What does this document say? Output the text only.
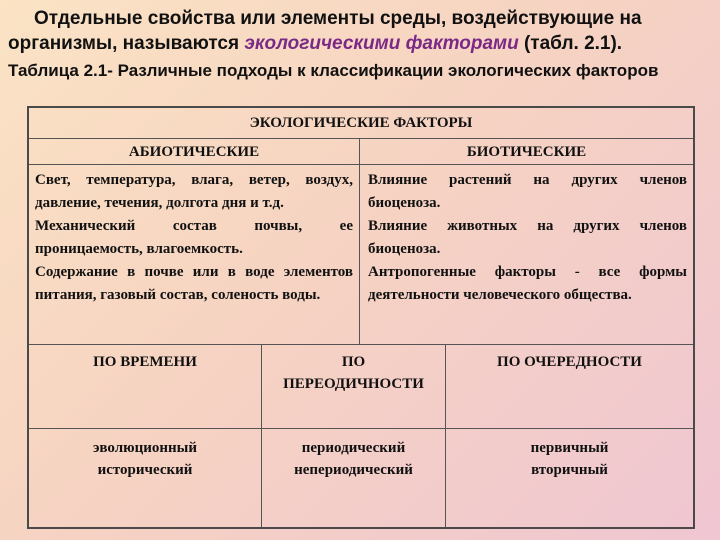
Отдельные свойства или элементы среды, воздействующие на организмы, называются экологическими факторами (табл. 2.1).

Таблица 2.1- Различные подходы к классификации экологических факторов

ЭКОЛОГИЧЕСКИЕ ФАКТОРЫ
АБИОТИЧЕСКИЕ	БИОТИЧЕСКИЕ
Свет, температура, влага, ветер, воздух, давление, течения, долгота дня и т.д.
Механический состав почвы, ее проницаемость, влагоемкость.
Содержание в почве или в воде элементов питания, газовый состав, соленость воды.
Влияние растений на других членов биоценоза.
Влияние животных на других членов биоценоза.
Антропогенные факторы - все формы деятельности человеческого общества.
ПО ВРЕМЕНИ	ПО ПЕРЕОДИЧНОСТИ
ПО ОЧЕРЕДНОСТИ
эволюционный
исторический
периодический
непериодический
первичный
вторичный
